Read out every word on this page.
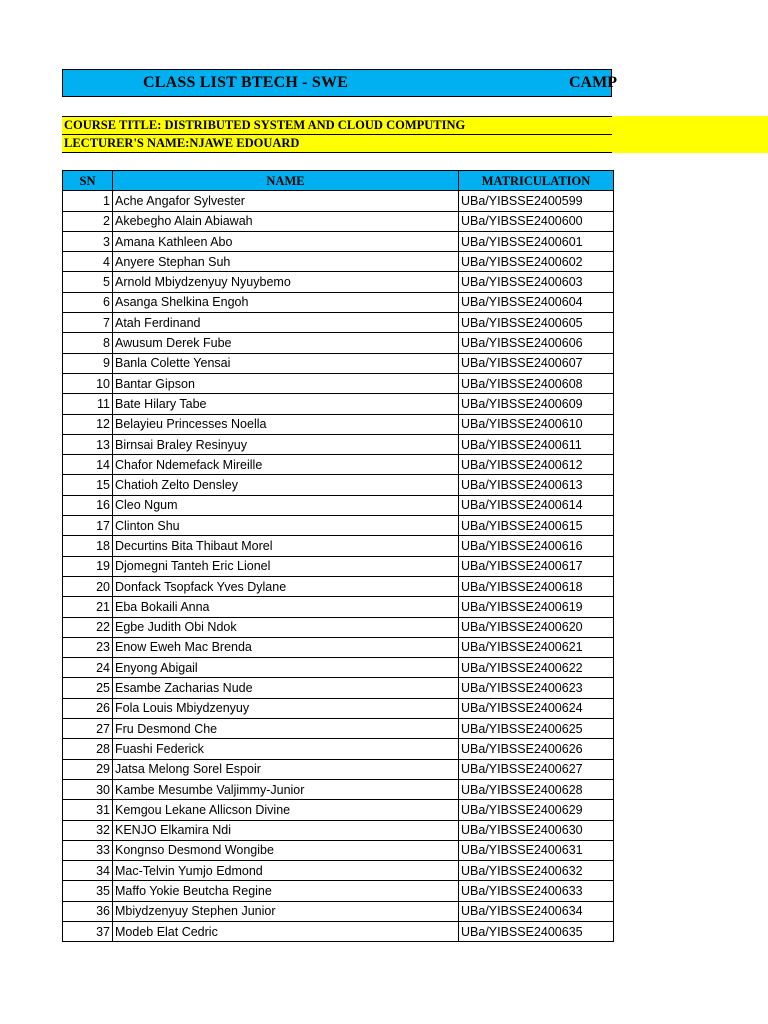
CLASS LIST BTECH - SWE	CAMP
COURSE TITLE: DISTRIBUTED SYSTEM AND CLOUD COMPUTING
LECTURER'S NAME:NJAWE EDOUARD
SN	NAME	MATRICULATION
1	Ache Angafor Sylvester	UBa/YIBSSE2400599
2	Akebegho Alain Abiawah	UBa/YIBSSE2400600
3	Amana Kathleen Abo	UBa/YIBSSE2400601
4	Anyere Stephan Suh	UBa/YIBSSE2400602
5	Arnold Mbiydzenyuy Nyuybemo	UBa/YIBSSE2400603
6	Asanga Shelkina Engoh	UBa/YIBSSE2400604
7	Atah Ferdinand	UBa/YIBSSE2400605
8	Awusum Derek Fube	UBa/YIBSSE2400606
9	Banla Colette Yensai	UBa/YIBSSE2400607
10	Bantar Gipson	UBa/YIBSSE2400608
11	Bate Hilary Tabe	UBa/YIBSSE2400609
12	Belayieu Princesses Noella	UBa/YIBSSE2400610
13	Birnsai Braley Resinyuy	UBa/YIBSSE2400611
14	Chafor Ndemefack Mireille	UBa/YIBSSE2400612
15	Chatioh Zelto Densley	UBa/YIBSSE2400613
16	Cleo Ngum	UBa/YIBSSE2400614
17	Clinton Shu	UBa/YIBSSE2400615
18	Decurtins Bita Thibaut Morel	UBa/YIBSSE2400616
19	Djomegni Tanteh Eric Lionel	UBa/YIBSSE2400617
20	Donfack Tsopfack Yves Dylane	UBa/YIBSSE2400618
21	Eba Bokaili Anna	UBa/YIBSSE2400619
22	Egbe Judith Obi Ndok	UBa/YIBSSE2400620
23	Enow Eweh Mac Brenda	UBa/YIBSSE2400621
24	Enyong Abigail	UBa/YIBSSE2400622
25	Esambe Zacharias Nude	UBa/YIBSSE2400623
26	Fola Louis Mbiydzenyuy	UBa/YIBSSE2400624
27	Fru Desmond Che	UBa/YIBSSE2400625
28	Fuashi Federick	UBa/YIBSSE2400626
29	Jatsa Melong Sorel Espoir	UBa/YIBSSE2400627
30	Kambe Mesumbe Valjimmy-Junior	UBa/YIBSSE2400628
31	Kemgou Lekane Allicson Divine	UBa/YIBSSE2400629
32	KENJO Elkamira Ndi	UBa/YIBSSE2400630
33	Kongnso Desmond Wongibe	UBa/YIBSSE2400631
34	Mac-Telvin Yumjo Edmond	UBa/YIBSSE2400632
35	Maffo Yokie Beutcha Regine	UBa/YIBSSE2400633
36	Mbiydzenyuy Stephen Junior	UBa/YIBSSE2400634
37	Modeb Elat Cedric	UBa/YIBSSE2400635
